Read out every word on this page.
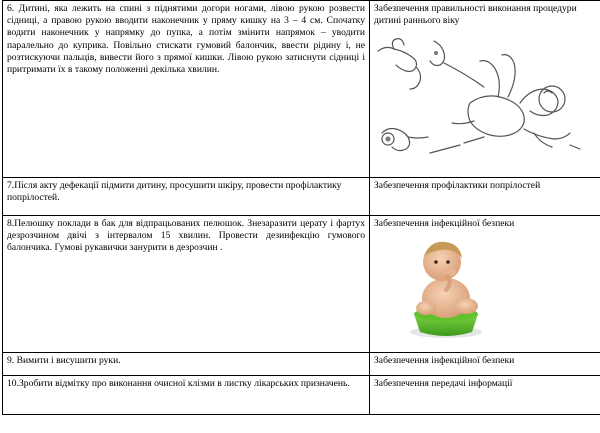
6. Дитині, яка лежить на спині з піднятими догори ногами, лівою рукою розвести сідниці, а правою рукою вводити наконечник у пряму кишку на 3 – 4 см. Спочатку водити наконечник у напрямку до пупка, а потім змінити напрямок – уводити паралельно до куприка. Повільно стискати гумовий балончик, ввести рідину і, не розтискуючи пальців, вивести його з прямої кишки. Лівою рукою затиснути сідниці і притримати їх в такому положенні декілька хвилин.	Забезпечення правильності виконання процедури дитині раннього віку

7.Після акту дефекації підмити дитину, просушити шкіру, провести профілактику попрілостей.	Забезпечення профілактики попрілостей
8.Пелюшку поклади в бак для відпрацьованих пелюшок. Знезаразити церату і фартух дезрозчином двічі з інтервалом 15 хвилин. Провести дезинфекцію гумового балончика. Гумові рукавички занурити в дезрозчин .	Забезпечення інфекційної безпеки

9. Вимити і висушити руки.	Забезпечення інфекційної безпеки
10.Зробити відмітку про виконання очисної клізми в листку лікарських призначень.	Забезпечення передачі інформації
